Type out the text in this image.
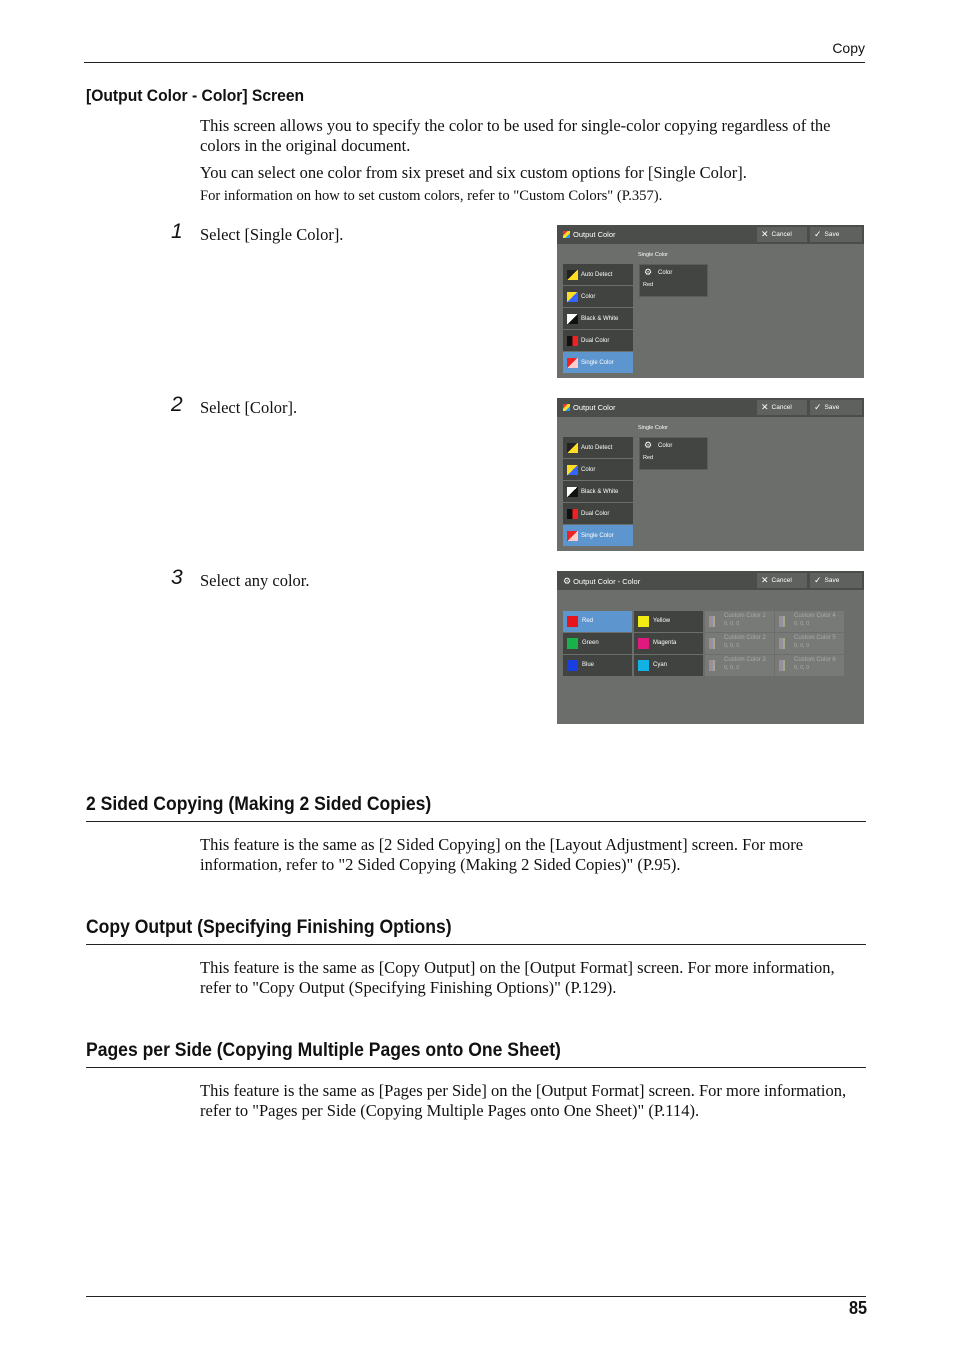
Copy
[Output Color - Color] Screen
This screen allows you to specify the color to be used for single-color copying regardless of the colors in the original document.
You can select one color from six preset and six custom options for [Single Color].
For information on how to set custom colors, refer to "Custom Colors" (P.357).
1 Select [Single Color].
2 Select [Color].
3 Select any color.
Output Color	✕ Cancel	✓ Save
Single Color
Auto Detect
Color
Black & White
Dual Color
Single Color
⚙ Color
Red
Output Color	✕ Cancel	✓ Save
Single Color
Auto Detect
Color
Black & White
Dual Color
Single Color
⚙ Color
Red
⚙ Output Color - Color	✕ Cancel	✓ Save
Red
Green
Blue
Yellow
Magenta
Cyan
Custom Color 1
0, 0, 0
Custom Color 2
0, 0, 0
Custom Color 3
0, 0, 0
Custom Color 4
0, 0, 0
Custom Color 5
0, 0, 0
Custom Color 6
0, 0, 0
2 Sided Copying (Making 2 Sided Copies)
This feature is the same as [2 Sided Copying] on the [Layout Adjustment] screen. For more information, refer to "2 Sided Copying (Making 2 Sided Copies)" (P.95).
Copy Output (Specifying Finishing Options)
This feature is the same as [Copy Output] on the [Output Format] screen. For more information, refer to "Copy Output (Specifying Finishing Options)" (P.129).
Pages per Side (Copying Multiple Pages onto One Sheet)
This feature is the same as [Pages per Side] on the [Output Format] screen. For more information, refer to "Pages per Side (Copying Multiple Pages onto One Sheet)" (P.114).
85
